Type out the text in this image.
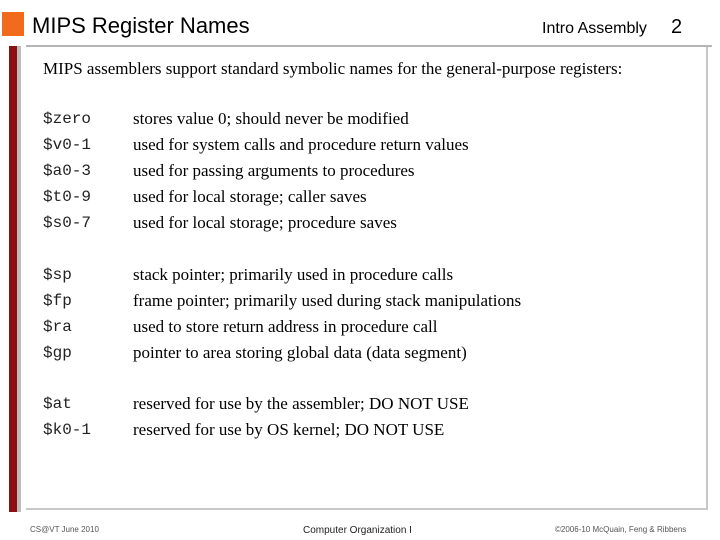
MIPS Register Names	Intro Assembly 2
MIPS assemblers support standard symbolic names for the general-purpose registers:
$zero	stores value 0; should never be modified
$v0-1	used for system calls and procedure return values
$a0-3	used for passing arguments to procedures
$t0-9	used for local storage; caller saves
$s0-7	used for local storage; procedure saves
$sp	stack pointer; primarily used in procedure calls
$fp	frame pointer; primarily used during stack manipulations
$ra	used to store return address in procedure call
$gp	pointer to area storing global data (data segment)
$at	reserved for use by the assembler; DO NOT USE
$k0-1	reserved for use by OS kernel; DO NOT USE
CS@VT June 2010	Computer Organization I	©2006-10 McQuain, Feng & Ribbens
